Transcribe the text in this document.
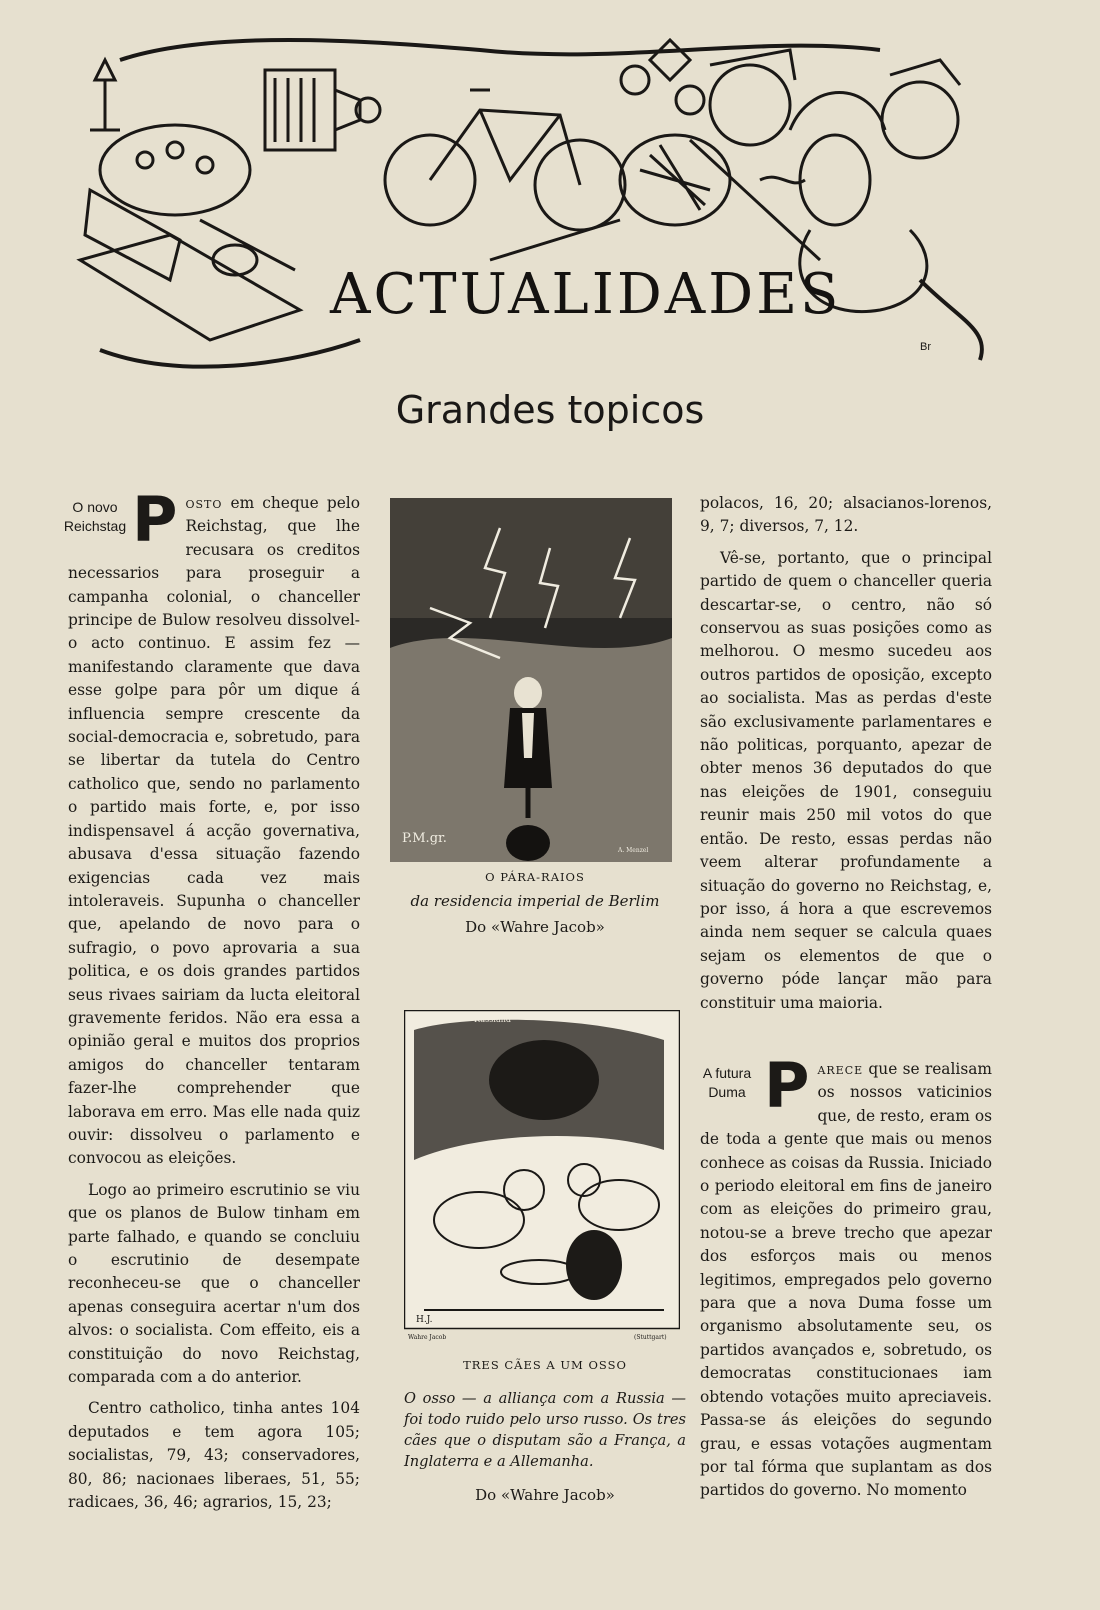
Br
ACTUALIDADES
Grandes topicos

O novo Reichstag P osto em cheque pelo Reichstag, que lhe recusara os creditos necessarios para proseguir a campanha colonial, o chanceller principe de Bulow resolveu dissolvel-o acto continuo. E assim fez — manifestando claramente que dava esse golpe para pôr um dique á influencia sempre crescente da social-democracia e, sobretudo, para se libertar da tutela do Centro catholico que, sendo no parlamento o partido mais forte, e, por isso indispensavel á acção governativa, abusava d'essa situação fazendo exigencias cada vez mais intoleraveis. Supunha o chanceller que, apelando de novo para o sufragio, o povo aprovaria a sua politica, e os dois grandes partidos seus rivaes sairiam da lucta eleitoral gravemente feridos. Não era essa a opinião geral e muitos dos proprios amigos do chanceller tentaram fazer-lhe comprehender que laborava em erro. Mas elle nada quiz ouvir: dissolveu o parlamento e convocou as eleições.

Logo ao primeiro escrutinio se viu que os planos de Bulow tinham em parte falhado, e quando se concluiu o escrutinio de desempate reconheceu-se que o chanceller apenas conseguira acertar n'um dos alvos: o socialista. Com effeito, eis a constituição do novo Reichstag, comparada com a do anterior.

Centro catholico, tinha antes 104 deputados e tem agora 105; socialistas, 79, 43; conservadores, 80, 86; nacionaes liberaes, 51, 55; radicaes, 36, 46; agrarios, 15, 23;

P.M.gr.
A. Menzel
O PÁRA-RAIOS
da residencia imperial de Berlim
Do «Wahre Jacob»
Russland
H.J.
Wahre Jacob	(Stuttgart)
TRES CÃES A UM OSSO
O osso — a alliança com a Russia — foi todo ruido pelo urso russo. Os tres cães que o disputam são a França, a Inglaterra e a Allemanha.
Do «Wahre Jacob»

polacos, 16, 20; alsacianos-lorenos, 9, 7; diversos, 7, 12.

Vê-se, portanto, que o principal partido de quem o chanceller queria descartar-se, o centro, não só conservou as suas posições como as melhorou. O mesmo sucedeu aos outros partidos de oposição, excepto ao socialista. Mas as perdas d'este são exclusivamente parlamentares e não politicas, porquanto, apezar de obter menos 36 deputados do que nas eleições de 1901, conseguiu reunir mais 250 mil votos do que então. De resto, essas perdas não veem alterar profundamente a situação do governo no Reichstag, e, por isso, á hora a que escrevemos ainda nem sequer se calcula quaes sejam os elementos de que o governo póde lançar mão para constituir uma maioria.

A futura Duma P arece que se realisam os nossos vaticinios que, de resto, eram os de toda a gente que mais ou menos conhece as coisas da Russia. Iniciado o periodo eleitoral em fins de janeiro com as eleições do primeiro grau, notou-se a breve trecho que apezar dos esforços mais ou menos legitimos, empregados pelo governo para que a nova Duma fosse um organismo absolutamente seu, os partidos avançados e, sobretudo, os democratas constitucionaes iam obtendo votações muito apreciaveis. Passa-se ás eleições do segundo grau, e essas votações augmentam por tal fórma que suplantam as dos partidos do governo. No momento
